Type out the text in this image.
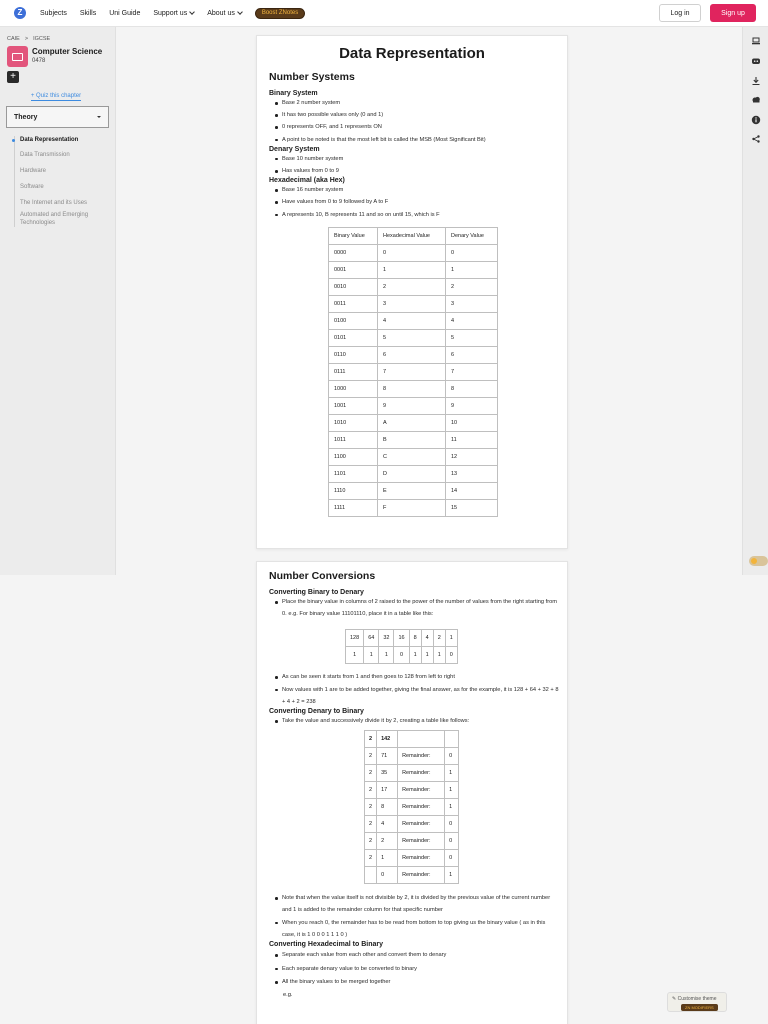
Z	Subjects Skills Uni Guide Support us	About us	Boost ZNotes	Log in	Sign up
CAIE > IGCSE
Computer Science
0478
+
+ Quiz this chapter
Theory
Data Representation
Data Transmission
Hardware
Software
The Internet and its Uses
Automated and Emerging Technologies
Data Representation
Number Systems
Binary System
Base 2 number system
It has two possible values only (0 and 1)
0 represents OFF, and 1 represents ON
A point to be noted is that the most left bit is called the MSB (Most Significant Bit)
Denary System
Base 10 number system
Has values from 0 to 9
Hexadecimal (aka Hex)
Base 16 number system
Have values from 0 to 9 followed by A to F
A represents 10, B represents 11 and so on until 15, which is F
Binary Value	Hexadecimal Value	Denary Value
0000	0	0
0001	1	1
0010	2	2
0011	3	3
0100	4	4
0101	5	5
0110	6	6
0111	7	7
1000	8	8
1001	9	9
1010	A	10
1011	B	11
1100	C	12
1101	D	13
1110	E	14
1111	F	15
Number Conversions
Converting Binary to Denary
Place the binary value in columns of 2 raised to the power of the number of values from the right starting from 0. e.g. For binary value 11101110, place it in a table like this:
128	64	32	16	8	4	2	1
1	1	1	0	1	1	1	0
As can be seen it starts from 1 and then goes to 128 from left to right
Now values with 1 are to be added together, giving the final answer, as for the example, it is 128 + 64 + 32 + 8 + 4 + 2 = 238
Converting Denary to Binary
Take the value and successively divide it by 2, creating a table like follows:
2	142		
2	71	Remainder:	0
2	35	Remainder:	1
2	17	Remainder:	1
2	8	Remainder:	1
2	4	Remainder:	0
2	2	Remainder:	0
2	1	Remainder:	0
	0	Remainder:	1
Note that when the value itself is not divisible by 2, it is divided by the previous value of the current number and 1 is added to the remainder column for that specific number
When you reach 0, the remainder has to be read from bottom to top giving us the binary value ( as in this case, it is 1 0 0 0 1 1 1 0 )
Converting Hexadecimal to Binary
Separate each value from each other and convert them to denary
Each separate denary value to be converted to binary
All the binary values to be merged together
e.g.
✎ Customise theme
ZN MODIFIERS
